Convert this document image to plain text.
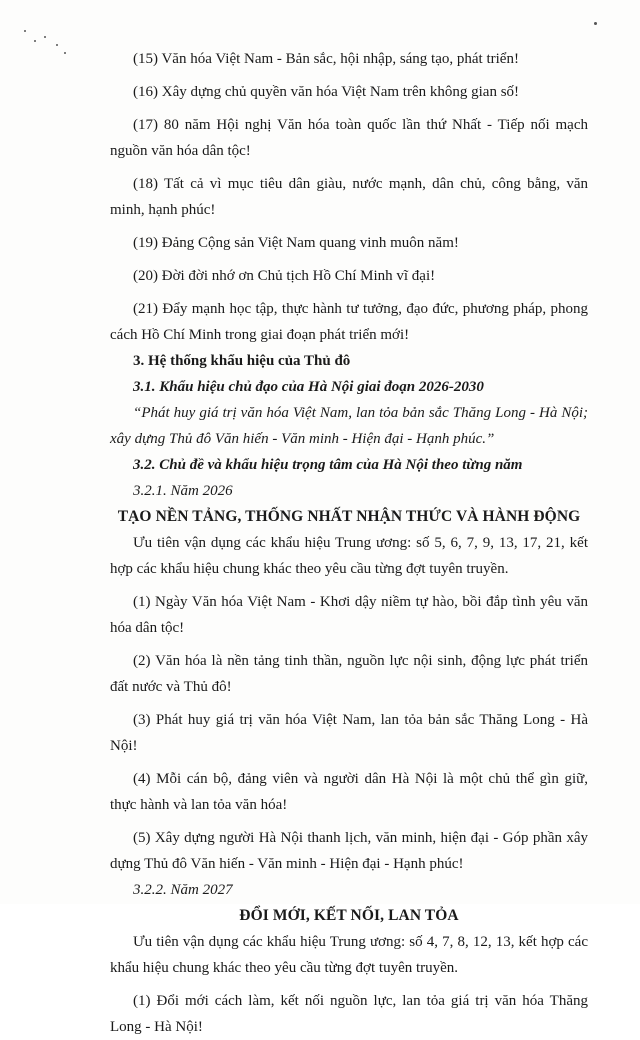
(15) Văn hóa Việt Nam - Bản sắc, hội nhập, sáng tạo, phát triển!

(16) Xây dựng chủ quyền văn hóa Việt Nam trên không gian số!

(17) 80 năm Hội nghị Văn hóa toàn quốc lần thứ Nhất - Tiếp nối mạch nguồn văn hóa dân tộc!

(18) Tất cả vì mục tiêu dân giàu, nước mạnh, dân chủ, công bằng, văn minh, hạnh phúc!

(19) Đảng Cộng sản Việt Nam quang vinh muôn năm!

(20) Đời đời nhớ ơn Chủ tịch Hồ Chí Minh vĩ đại!

(21) Đẩy mạnh học tập, thực hành tư tưởng, đạo đức, phương pháp, phong cách Hồ Chí Minh trong giai đoạn phát triển mới!

3. Hệ thống khẩu hiệu của Thủ đô

3.1. Khẩu hiệu chủ đạo của Hà Nội giai đoạn 2026-2030

“Phát huy giá trị văn hóa Việt Nam, lan tỏa bản sắc Thăng Long - Hà Nội; xây dựng Thủ đô Văn hiến - Văn minh - Hiện đại - Hạnh phúc.”

3.2. Chủ đề và khẩu hiệu trọng tâm của Hà Nội theo từng năm

3.2.1. Năm 2026

TẠO NỀN TẢNG, THỐNG NHẤT NHẬN THỨC VÀ HÀNH ĐỘNG

Ưu tiên vận dụng các khẩu hiệu Trung ương: số 5, 6, 7, 9, 13, 17, 21, kết hợp các khẩu hiệu chung khác theo yêu cầu từng đợt tuyên truyền.

(1) Ngày Văn hóa Việt Nam - Khơi dậy niềm tự hào, bồi đắp tình yêu văn hóa dân tộc!

(2) Văn hóa là nền tảng tinh thần, nguồn lực nội sinh, động lực phát triển đất nước và Thủ đô!

(3) Phát huy giá trị văn hóa Việt Nam, lan tỏa bản sắc Thăng Long - Hà Nội!

(4) Mỗi cán bộ, đảng viên và người dân Hà Nội là một chủ thể gìn giữ, thực hành và lan tỏa văn hóa!

(5) Xây dựng người Hà Nội thanh lịch, văn minh, hiện đại - Góp phần xây dựng Thủ đô Văn hiến - Văn minh - Hiện đại - Hạnh phúc!

3.2.2. Năm 2027

ĐỔI MỚI, KẾT NỐI, LAN TỎA

Ưu tiên vận dụng các khẩu hiệu Trung ương: số 4, 7, 8, 12, 13, kết hợp các khẩu hiệu chung khác theo yêu cầu từng đợt tuyên truyền.

(1) Đổi mới cách làm, kết nối nguồn lực, lan tỏa giá trị văn hóa Thăng Long - Hà Nội!
